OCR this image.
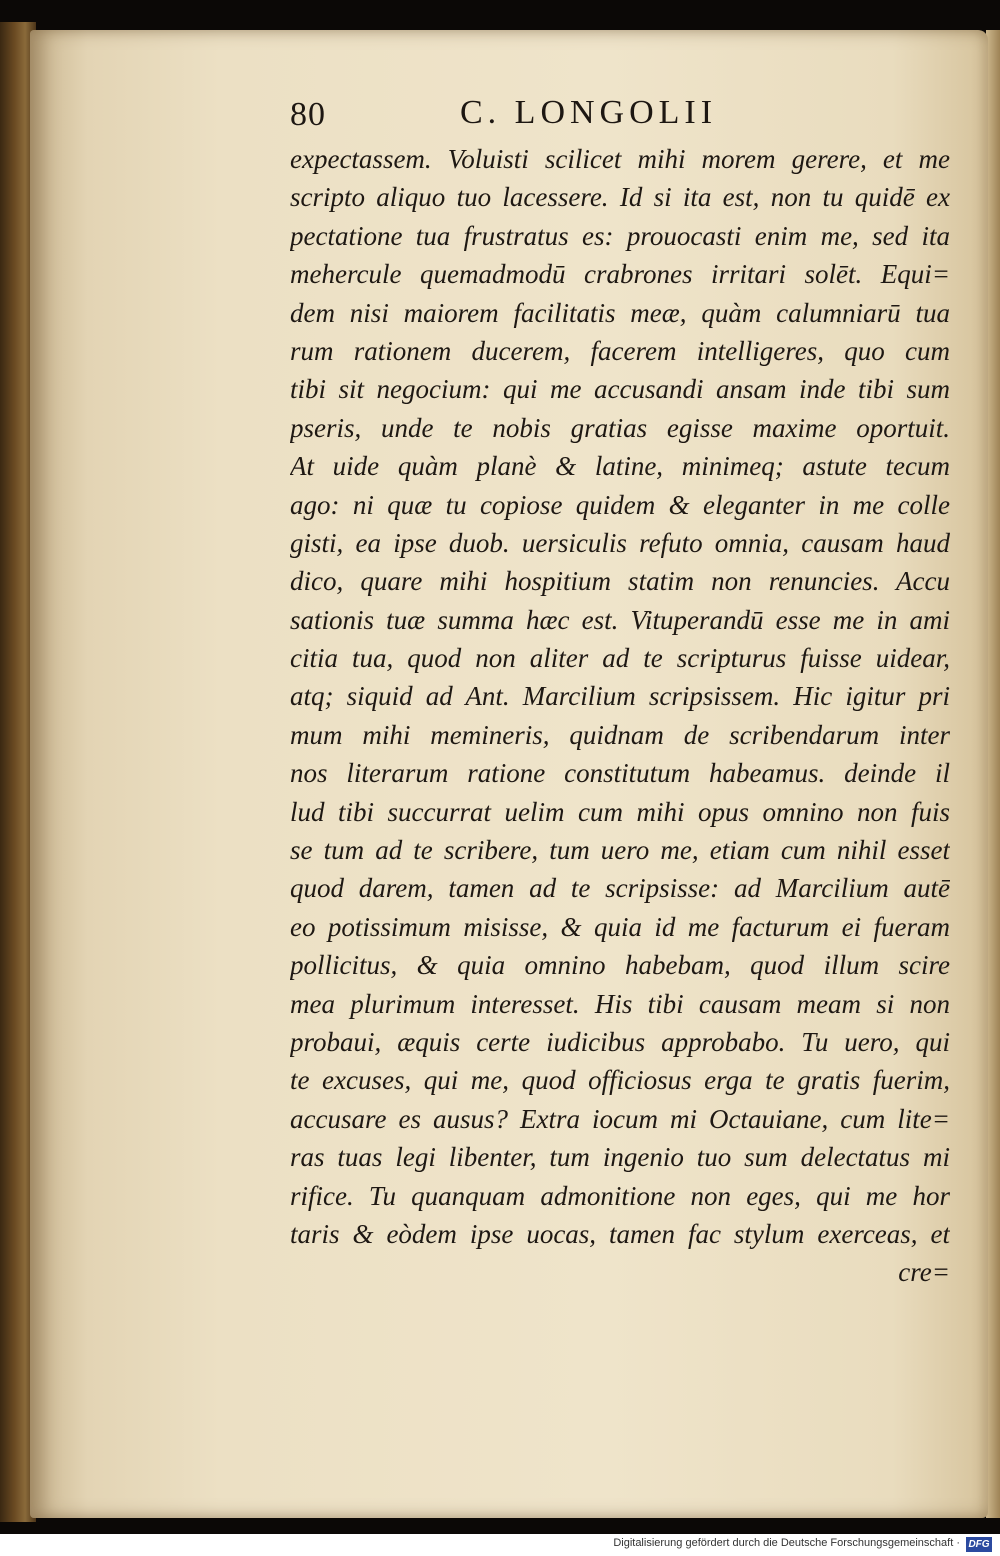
80	C. LONGOLII
expectassem. Voluisti scilicet mihi morem gerere, et me
scripto aliquo tuo lacessere. Id si ita est, non tu quidē ex
pectatione tua frustratus es: prouocasti enim me, sed ita
mehercule quemadmodū crabrones irritari solēt. Equi=
dem nisi maiorem facilitatis meæ, quàm calumniarū tua
rum rationem ducerem, facerem intelligeres, quo cum
tibi sit negocium: qui me accusandi ansam inde tibi sum
pseris, unde te nobis gratias egisse maxime oportuit.
At uide quàm planè & latine, minimeq; astute tecum
ago: ni quæ tu copiose quidem & eleganter in me colle
gisti, ea ipse duob. uersiculis refuto omnia, causam haud
dico, quare mihi hospitium statim non renuncies. Accu
sationis tuæ summa hæc est. Vituperandū esse me in ami
citia tua, quod non aliter ad te scripturus fuisse uidear,
atq; siquid ad Ant. Marcilium scripsissem. Hic igitur pri
mum mihi memineris, quidnam de scribendarum inter
nos literarum ratione constitutum habeamus. deinde il
lud tibi succurrat uelim cum mihi opus omnino non fuis
se tum ad te scribere, tum uero me, etiam cum nihil esset
quod darem, tamen ad te scripsisse: ad Marcilium autē
eo potissimum misisse, & quia id me facturum ei fueram
pollicitus, & quia omnino habebam, quod illum scire
mea plurimum interesset. His tibi causam meam si non
probaui, æquis certe iudicibus approbabo. Tu uero, qui
te excuses, qui me, quod officiosus erga te gratis fuerim,
accusare es ausus? Extra iocum mi Octauiane, cum lite=
ras tuas legi libenter, tum ingenio tuo sum delectatus mi
rifice. Tu quanquam admonitione non eges, qui me hor
taris & eòdem ipse uocas, tamen fac stylum exerceas, et
cre=
Digitalisierung gefördert durch die Deutsche Forschungsgemeinschaft · DFG
